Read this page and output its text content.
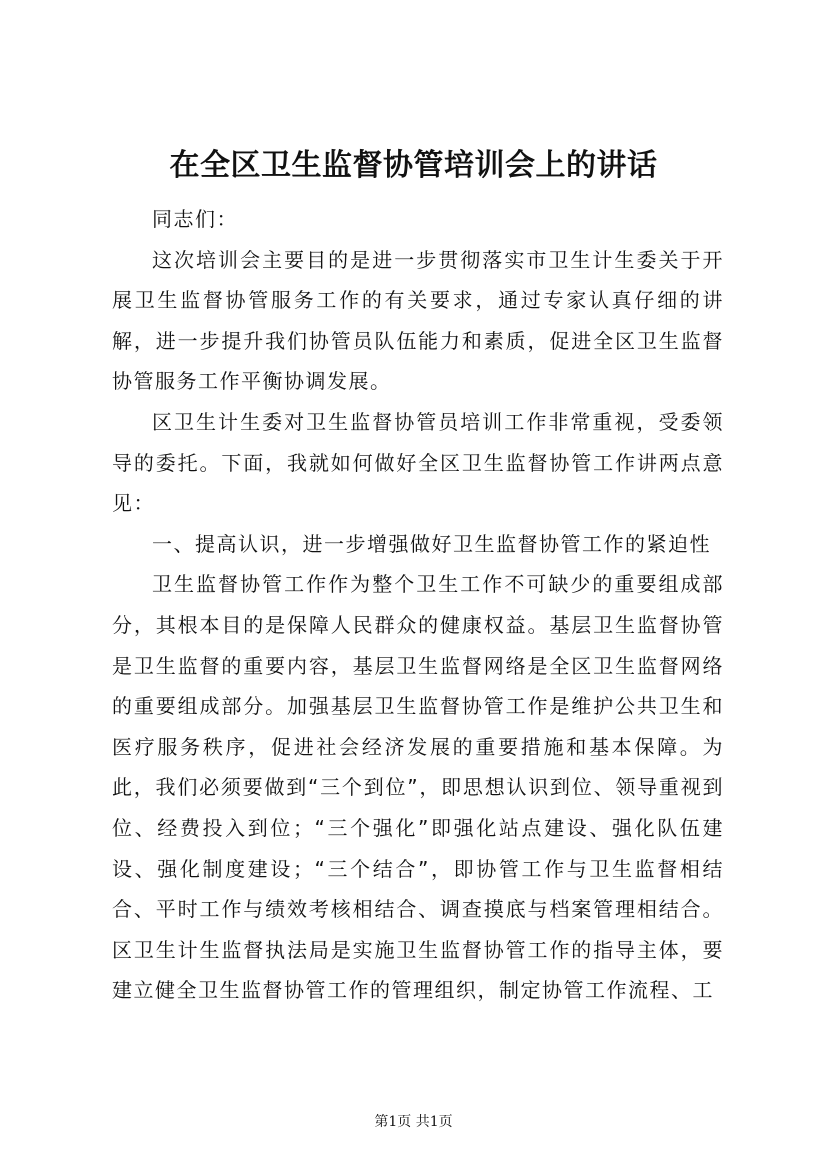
在全区卫生监督协管培训会上的讲话

同志们：

这次培训会主要目的是进一步贯彻落实市卫生计生委关于开展卫生监督协管服务工作的有关要求，通过专家认真仔细的讲解，进一步提升我们协管员队伍能力和素质，促进全区卫生监督协管服务工作平衡协调发展。

区卫生计生委对卫生监督协管员培训工作非常重视，受委领导的委托。下面，我就如何做好全区卫生监督协管工作讲两点意见：

一、提高认识，进一步增强做好卫生监督协管工作的紧迫性

卫生监督协管工作作为整个卫生工作不可缺少的重要组成部分，其根本目的是保障人民群众的健康权益。基层卫生监督协管是卫生监督的重要内容，基层卫生监督网络是全区卫生监督网络的重要组成部分。加强基层卫生监督协管工作是维护公共卫生和医疗服务秩序，促进社会经济发展的重要措施和基本保障。为此，我们必须要做到“三个到位”，即思想认识到位、领导重视到位、经费投入到位；“三个强化”即强化站点建设、强化队伍建设、强化制度建设；“三个结合”，即协管工作与卫生监督相结合、平时工作与绩效考核相结合、调查摸底与档案管理相结合。区卫生计生监督执法局是实施卫生监督协管工作的指导主体，要建立健全卫生监督协管工作的管理组织，制定协管工作流程、工

第1页 共1页
